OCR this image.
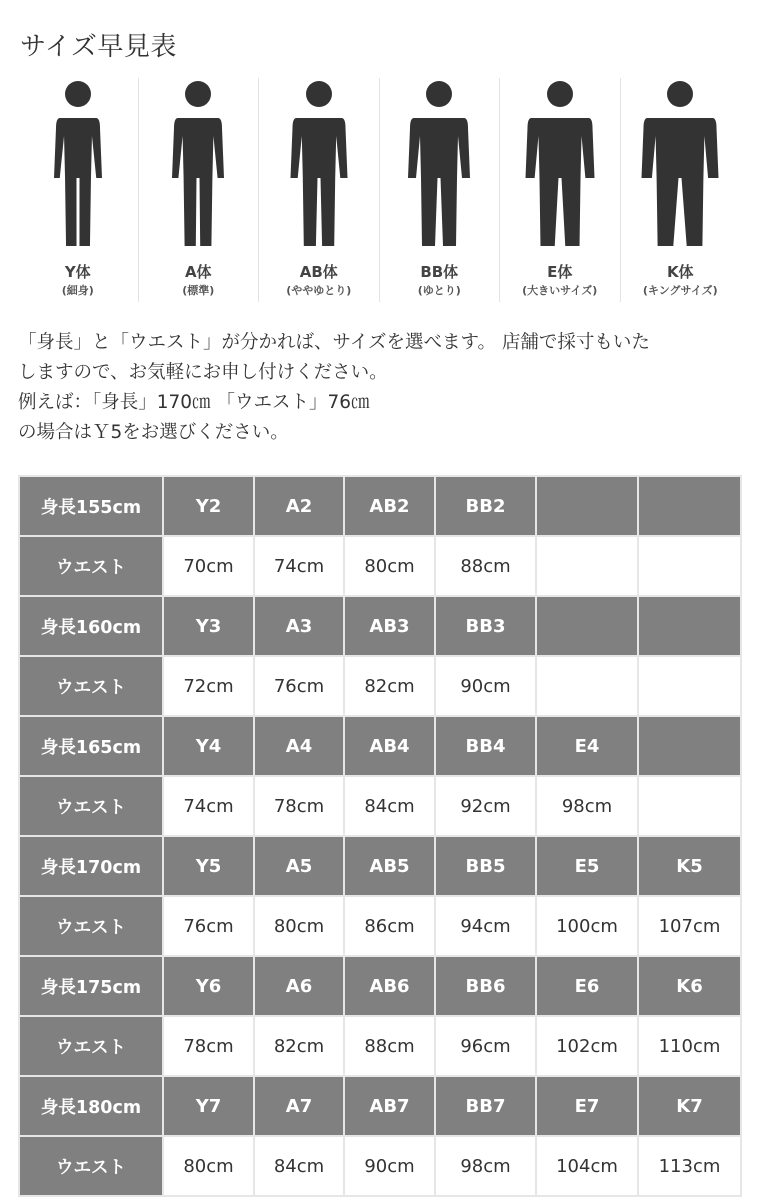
サイズ早見表
Y体
(細身)
A体
(標準)
AB体
(ややゆとり)
BB体
(ゆとり)
E体
(大きいサイズ)
K体
(キングサイズ)

「身長」と「ウエスト」が分かれば、サイズを選べます。 店舗で採寸もいた

しますので、お気軽にお申し付けください。

例えば：「身長」170㎝ 「ウエスト」76㎝

の場合はＹ5をお選びください。

身長155cm	Y2	A2	AB2	BB2		
ウエスト	70cm	74cm	80cm	88cm		
身長160cm	Y3	A3	AB3	BB3		
ウエスト	72cm	76cm	82cm	90cm		
身長165cm	Y4	A4	AB4	BB4	E4	
ウエスト	74cm	78cm	84cm	92cm	98cm	
身長170cm	Y5	A5	AB5	BB5	E5	K5
ウエスト	76cm	80cm	86cm	94cm	100cm	107cm
身長175cm	Y6	A6	AB6	BB6	E6	K6
ウエスト	78cm	82cm	88cm	96cm	102cm	110cm
身長180cm	Y7	A7	AB7	BB7	E7	K7
ウエスト	80cm	84cm	90cm	98cm	104cm	113cm
